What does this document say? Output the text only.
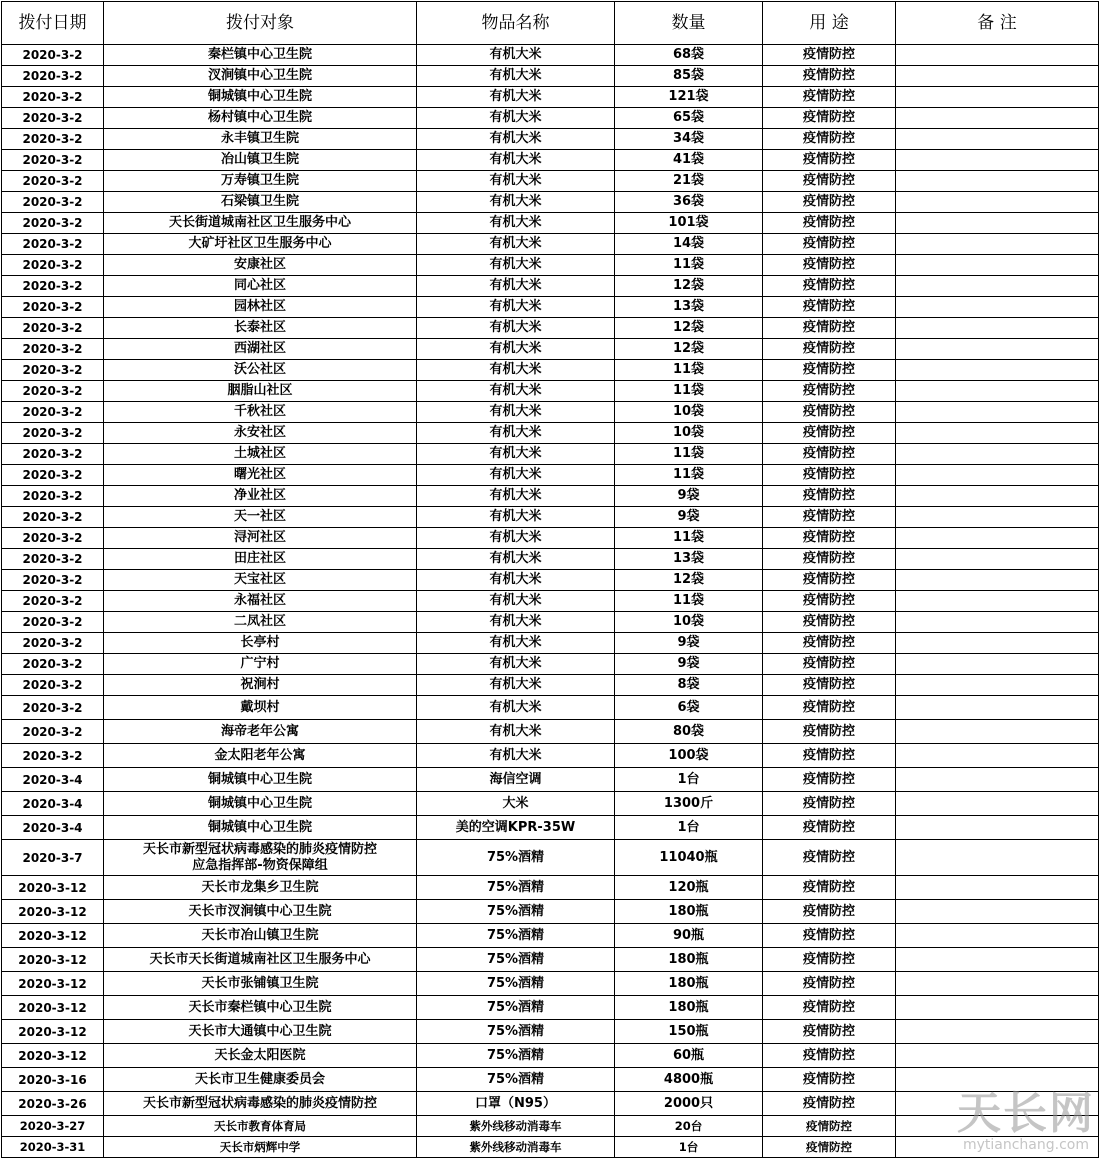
拨付日期	拨付对象	物品名称	数量	用 途	备 注
2020-3-2	秦栏镇中心卫生院	有机大米	68袋	疫情防控	
2020-3-2	汊涧镇中心卫生院	有机大米	85袋	疫情防控	
2020-3-2	铜城镇中心卫生院	有机大米	121袋	疫情防控	
2020-3-2	杨村镇中心卫生院	有机大米	65袋	疫情防控	
2020-3-2	永丰镇卫生院	有机大米	34袋	疫情防控	
2020-3-2	冶山镇卫生院	有机大米	41袋	疫情防控	
2020-3-2	万寿镇卫生院	有机大米	21袋	疫情防控	
2020-3-2	石梁镇卫生院	有机大米	36袋	疫情防控	
2020-3-2	天长街道城南社区卫生服务中心	有机大米	101袋	疫情防控	
2020-3-2	大矿圩社区卫生服务中心	有机大米	14袋	疫情防控	
2020-3-2	安康社区	有机大米	11袋	疫情防控	
2020-3-2	同心社区	有机大米	12袋	疫情防控	
2020-3-2	园林社区	有机大米	13袋	疫情防控	
2020-3-2	长泰社区	有机大米	12袋	疫情防控	
2020-3-2	西湖社区	有机大米	12袋	疫情防控	
2020-3-2	沃公社区	有机大米	11袋	疫情防控	
2020-3-2	胭脂山社区	有机大米	11袋	疫情防控	
2020-3-2	千秋社区	有机大米	10袋	疫情防控	
2020-3-2	永安社区	有机大米	10袋	疫情防控	
2020-3-2	土城社区	有机大米	11袋	疫情防控	
2020-3-2	曙光社区	有机大米	11袋	疫情防控	
2020-3-2	净业社区	有机大米	9袋	疫情防控	
2020-3-2	天一社区	有机大米	9袋	疫情防控	
2020-3-2	浔河社区	有机大米	11袋	疫情防控	
2020-3-2	田庄社区	有机大米	13袋	疫情防控	
2020-3-2	天宝社区	有机大米	12袋	疫情防控	
2020-3-2	永福社区	有机大米	11袋	疫情防控	
2020-3-2	二凤社区	有机大米	10袋	疫情防控	
2020-3-2	长亭村	有机大米	9袋	疫情防控	
2020-3-2	广宁村	有机大米	9袋	疫情防控	
2020-3-2	祝涧村	有机大米	8袋	疫情防控	
2020-3-2	戴坝村	有机大米	6袋	疫情防控	
2020-3-2	海帝老年公寓	有机大米	80袋	疫情防控	
2020-3-2	金太阳老年公寓	有机大米	100袋	疫情防控	
2020-3-4	铜城镇中心卫生院	海信空调	1台	疫情防控	
2020-3-4	铜城镇中心卫生院	大米	1300斤	疫情防控	
2020-3-4	铜城镇中心卫生院	美的空调KPR-35W	1台	疫情防控	
2020-3-7	天长市新型冠状病毒感染的肺炎疫情防控
应急指挥部-物资保障组	75%酒精	11040瓶	疫情防控	
2020-3-12	天长市龙集乡卫生院	75%酒精	120瓶	疫情防控	
2020-3-12	天长市汊涧镇中心卫生院	75%酒精	180瓶	疫情防控	
2020-3-12	天长市冶山镇卫生院	75%酒精	90瓶	疫情防控	
2020-3-12	天长市天长街道城南社区卫生服务中心	75%酒精	180瓶	疫情防控	
2020-3-12	天长市张铺镇卫生院	75%酒精	180瓶	疫情防控	
2020-3-12	天长市秦栏镇中心卫生院	75%酒精	180瓶	疫情防控	
2020-3-12	天长市大通镇中心卫生院	75%酒精	150瓶	疫情防控	
2020-3-12	天长金太阳医院	75%酒精	60瓶	疫情防控	
2020-3-16	天长市卫生健康委员会	75%酒精	4800瓶	疫情防控	
2020-3-26	天长市新型冠状病毒感染的肺炎疫情防控	口罩（N95）	2000只	疫情防控	
2020-3-27	天长市教育体育局	紫外线移动消毒车	20台	疫情防控	
2020-3-31	天长市炳辉中学	紫外线移动消毒车	1台	疫情防控	
天长网
mytianchang.com
